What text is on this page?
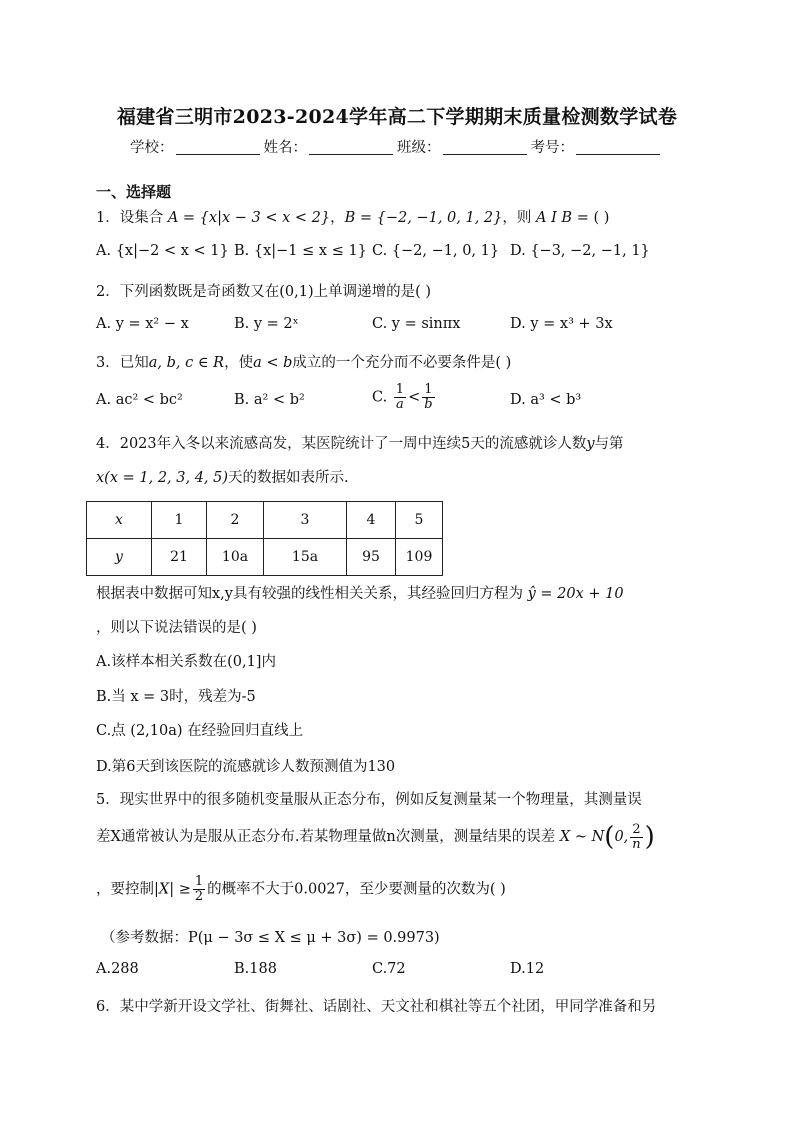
福建省三明市2023-2024学年高二下学期期末质量检测数学试卷
学校：	姓名：	班级：	考号：
一、选择题
1．设集合 A = {x|x − 3 < x < 2}，B = {−2, −1, 0, 1, 2}，则 A I B = ( )
A. {x|−2 < x < 1} B. {x|−1 ≤ x ≤ 1} C. {−2, −1, 0, 1} D. {−3, −2, −1, 1}
2．下列函数既是奇函数又在(0,1)上单调递增的是( )
A. y = x² − x	B. y = 2ˣ	C. y = sinπx	D. y = x³ + 3x
3．已知a, b, c ∈ R，使a < b成立的一个充分而不必要条件是( )
A. ac² < bc²	B. a² < b²	C. $\frac{1}{a} < \frac{1}{b}$	D. a³ < b³
4．2023年入冬以来流感高发，某医院统计了一周中连续5天的流感就诊人数y与第
x(x = 1, 2, 3, 4, 5)天的数据如表所示.
x	1	2	3	4	5
y	21	10a	15a	95	109
根据表中数据可知x,y具有较强的线性相关关系，其经验回归方程为 ŷ = 20x + 10
，则以下说法错误的是( )
A.该样本相关系数在(0,1]内
B.当 x = 3时，残差为-5
C.点 (2,10a) 在经验回归直线上
D.第6天到该医院的流感就诊人数预测值为130
5．现实世界中的很多随机变量服从正态分布，例如反复测量某一个物理量，其测量误
差X通常被认为是服从正态分布.若某物理量做n次测量，测量结果的误差 X ~ N(0, $\frac{2}{n}$ )
，要控制$|X| \ge \frac{1}{2}$ 的概率不大于0.0027，至少要测量的次数为( )
（参考数据：P(μ − 3σ ≤ X ≤ μ + 3σ) = 0.9973)
A.288	B.188	C.72	D.12
6．某中学新开设文学社、街舞社、话剧社、天文社和棋社等五个社团，甲同学准备和另
